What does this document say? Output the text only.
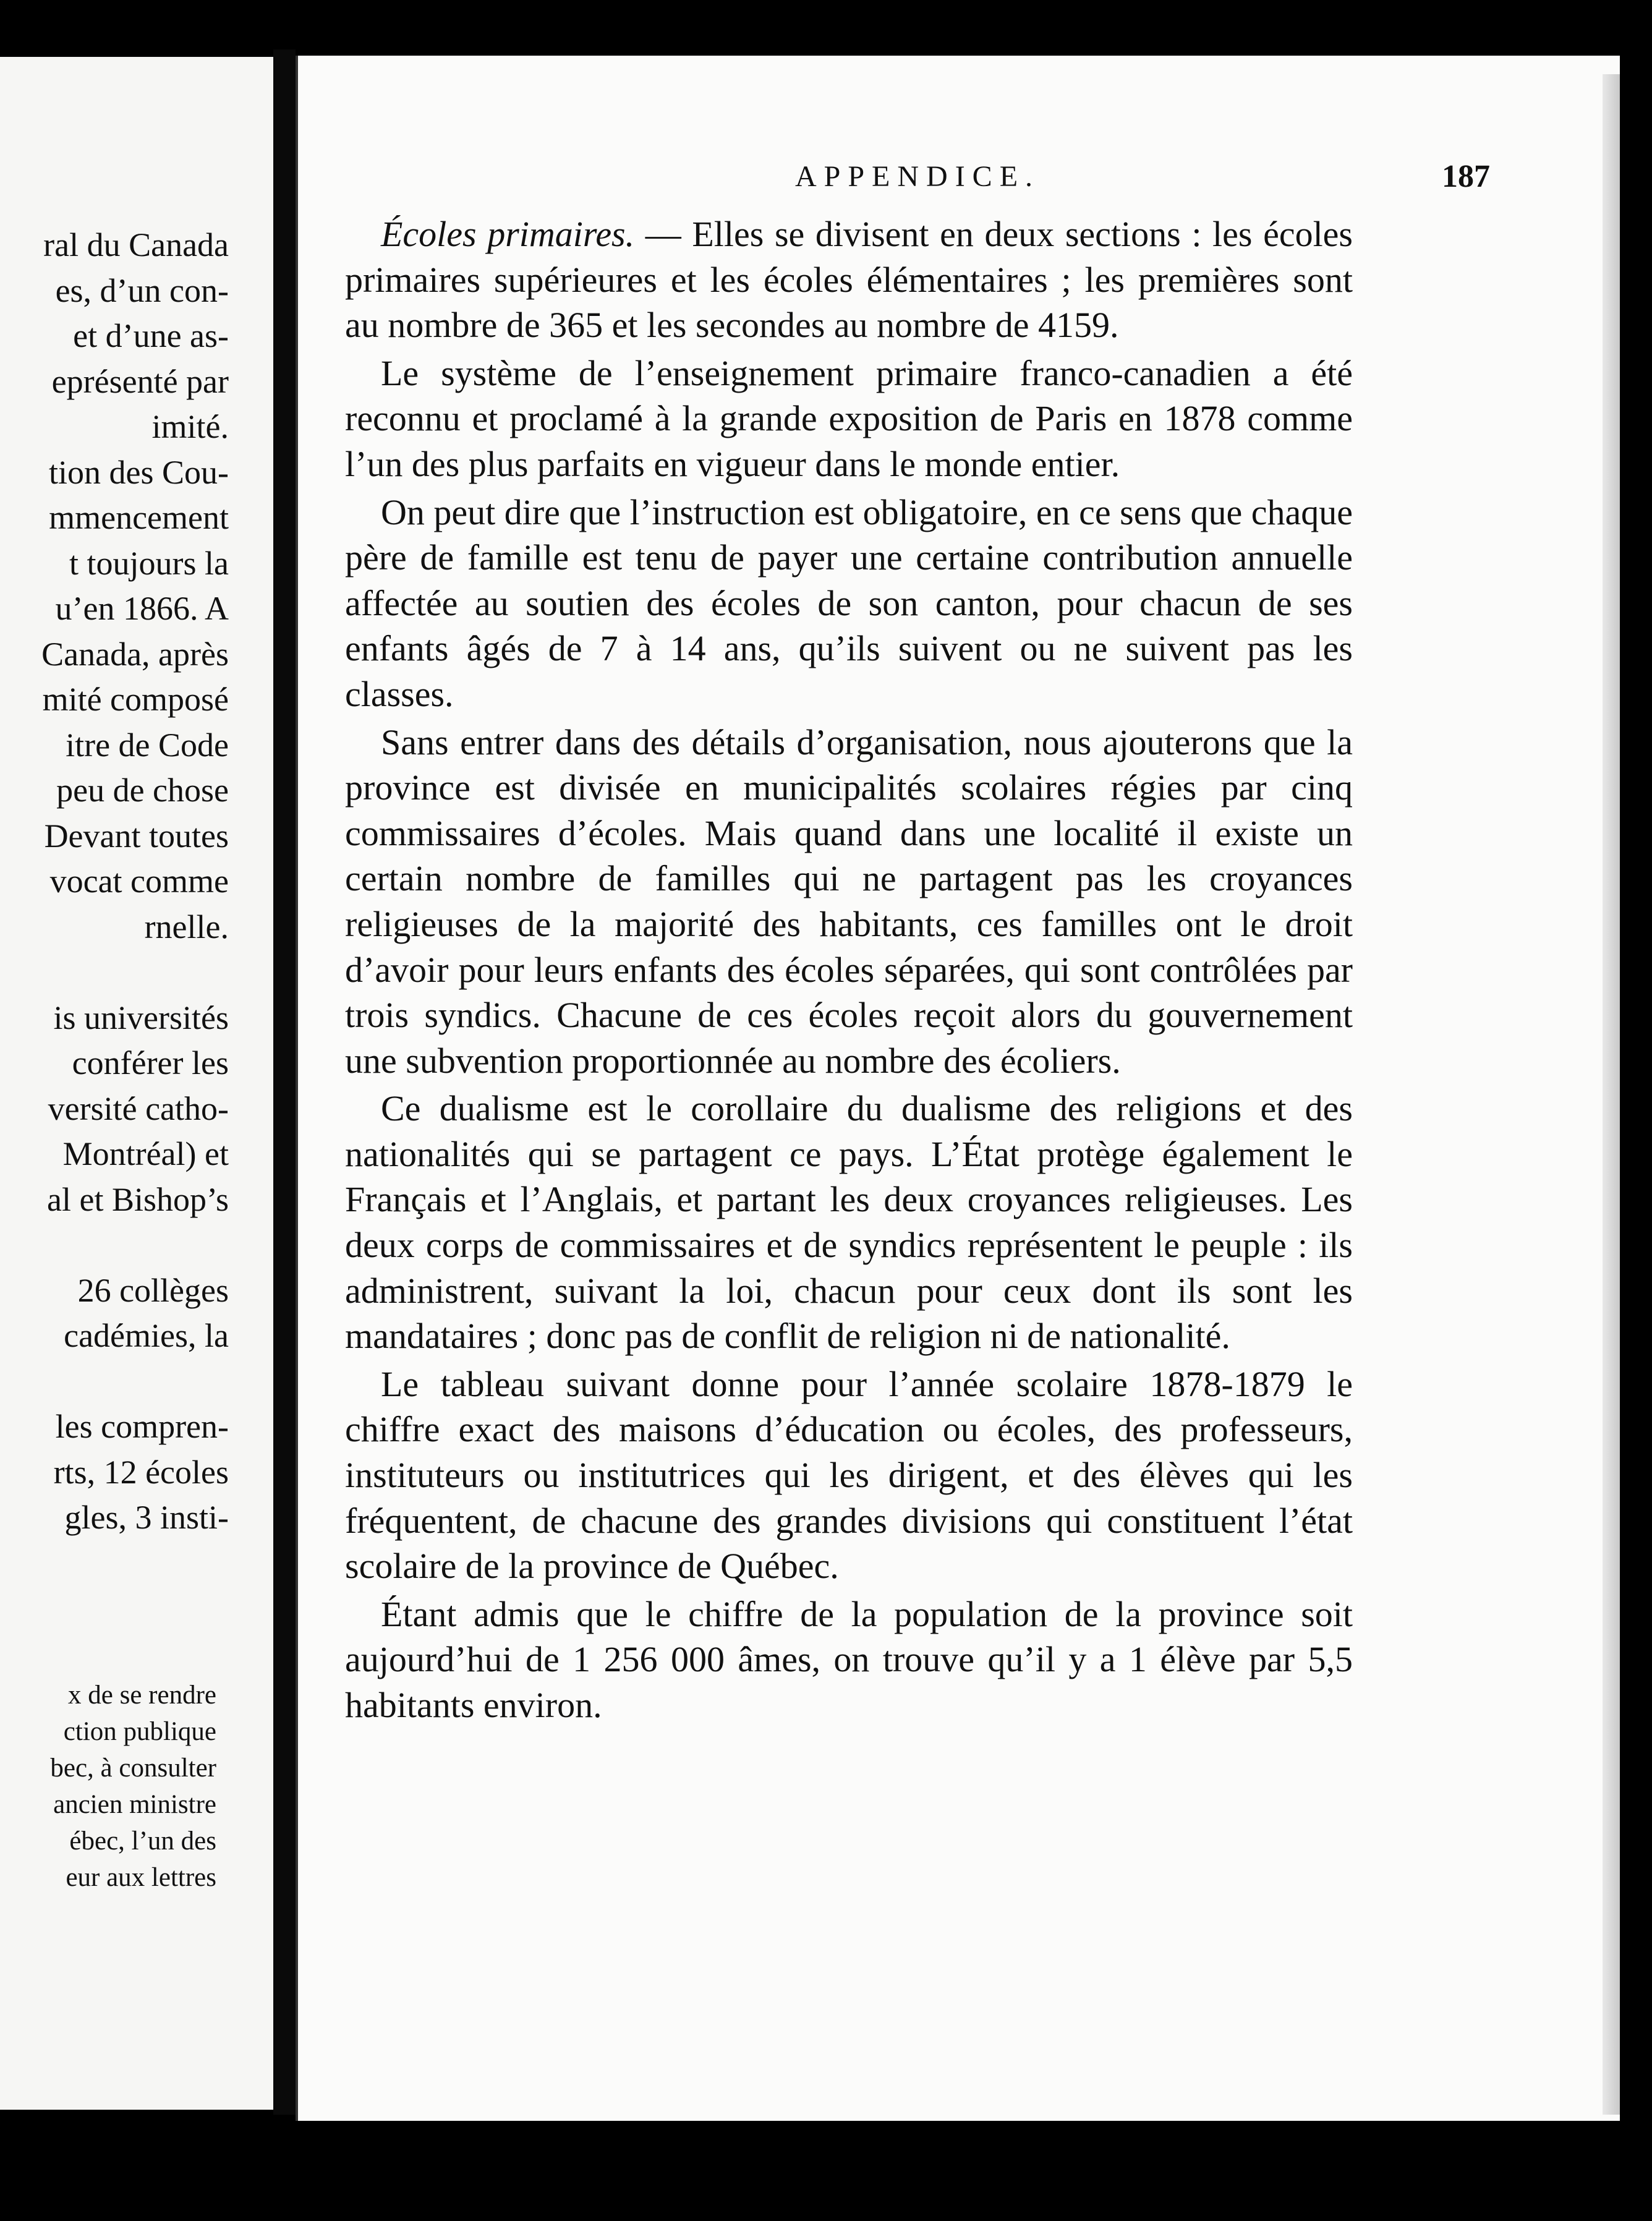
ral du Canada
es, d’un con-
et d’une as-
eprésenté par
imité.
tion des Cou-
mmencement
t toujours la
u’en 1866. A
Canada, après
mité composé
itre de Code
peu de chose
Devant toutes
vocat comme
rnelle.
is universités
conférer les
versité catho-
Montréal) et
al et Bishop’s
26 collèges
cadémies, la
les compren-
rts, 12 écoles
gles, 3 insti-
x de se rendre
ction publique
bec, à consulter
ancien ministre
ébec, l’un des
eur aux lettres
APPENDICE.	187

Écoles primaires. — Elles se divisent en deux sections : les écoles primaires supérieures et les écoles élémentaires ; les premières sont au nombre de 365 et les secondes au nombre de 4159.

Le système de l’enseignement primaire franco-canadien a été reconnu et proclamé à la grande exposition de Paris en 1878 comme l’un des plus parfaits en vigueur dans le monde entier.

On peut dire que l’instruction est obligatoire, en ce sens que chaque père de famille est tenu de payer une certaine contribution annuelle affectée au soutien des écoles de son canton, pour chacun de ses enfants âgés de 7 à 14 ans, qu’ils suivent ou ne suivent pas les classes.

Sans entrer dans des détails d’organisation, nous ajouterons que la province est divisée en municipalités scolaires régies par cinq commissaires d’écoles. Mais quand dans une localité il existe un certain nombre de familles qui ne partagent pas les croyances religieuses de la majorité des habitants, ces familles ont le droit d’avoir pour leurs enfants des écoles séparées, qui sont contrôlées par trois syndics. Chacune de ces écoles reçoit alors du gouvernement une subvention proportionnée au nombre des écoliers.

Ce dualisme est le corollaire du dualisme des religions et des nationalités qui se partagent ce pays. L’État protège également le Français et l’Anglais, et partant les deux croyances religieuses. Les deux corps de commissaires et de syndics représentent le peuple : ils administrent, suivant la loi, chacun pour ceux dont ils sont les mandataires ; donc pas de conflit de religion ni de nationalité.

Le tableau suivant donne pour l’année scolaire 1878-1879 le chiffre exact des maisons d’éducation ou écoles, des professeurs, instituteurs ou institutrices qui les dirigent, et des élèves qui les fréquentent, de chacune des grandes divisions qui constituent l’état scolaire de la province de Québec.

Étant admis que le chiffre de la population de la province soit aujourd’hui de 1 256 000 âmes, on trouve qu’il y a 1 élève par 5,5 habitants environ.
